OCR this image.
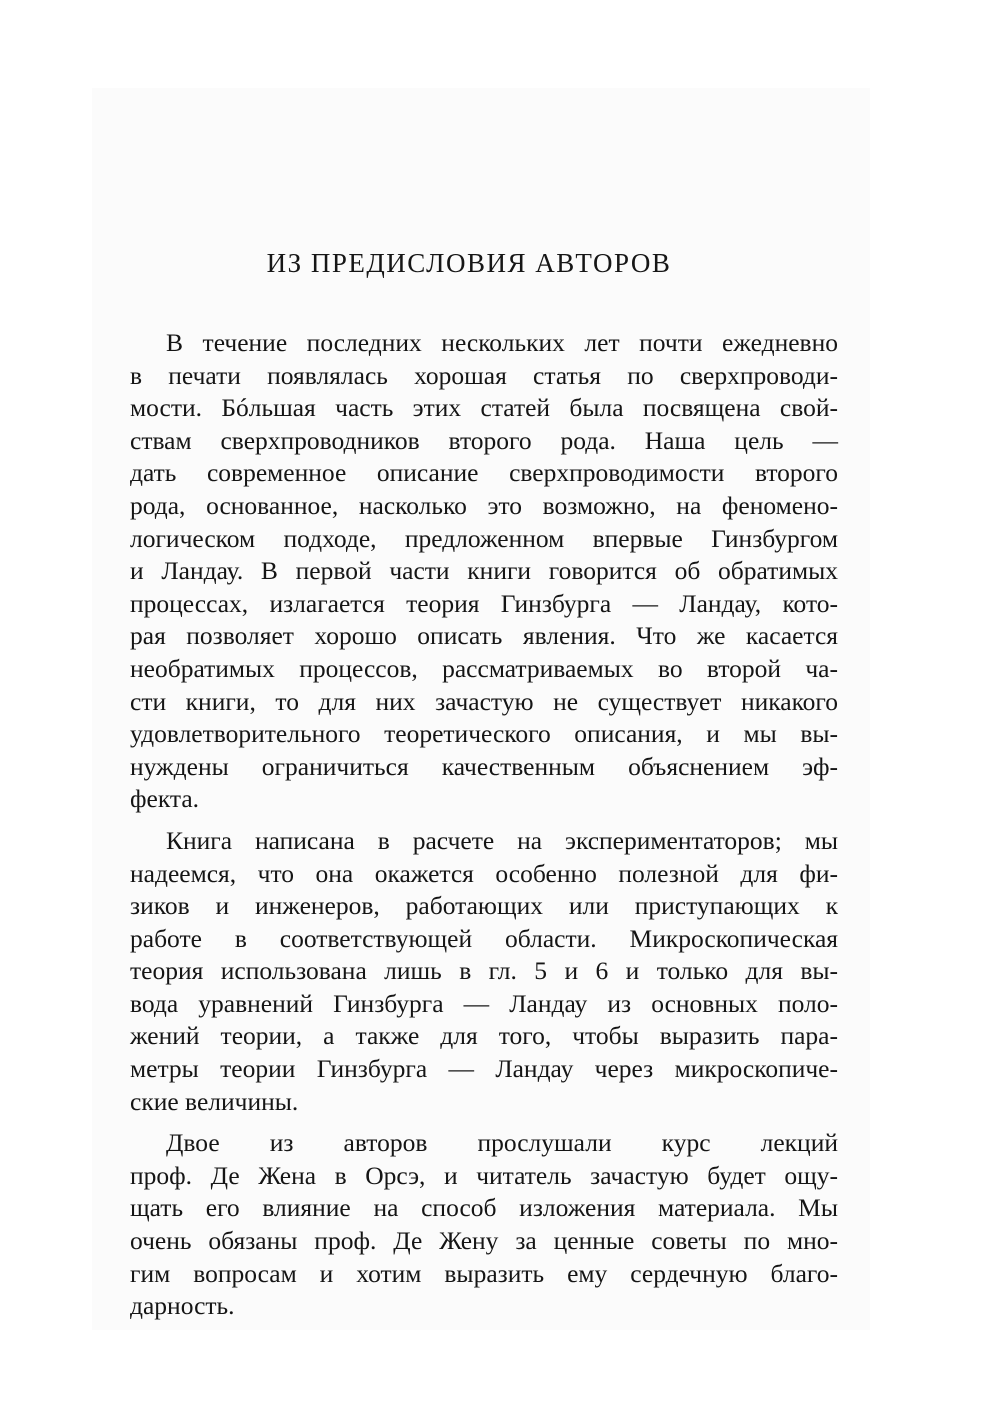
ИЗ ПРЕДИСЛОВИЯ АВТОРОВ
В течение последних нескольких лет почти ежедневно
в печати появлялась хорошая статья по сверхпроводи-
мости. Бóльшая часть этих статей была посвящена свой-
ствам сверхпроводников второго рода. Наша цель —
дать современное описание сверхпроводимости второго
рода, основанное, насколько это возможно, на феномено-
логическом подходе, предложенном впервые Гинзбургом
и Ландау. В первой части книги говорится об обратимых
процессах, излагается теория Гинзбурга — Ландау, кото-
рая позволяет хорошо описать явления. Что же касается
необратимых процессов, рассматриваемых во второй ча-
сти книги, то для них зачастую не существует никакого
удовлетворительного теоретического описания, и мы вы-
нуждены ограничиться качественным объяснением эф-
фекта.
Книга написана в расчете на экспериментаторов; мы
надеемся, что она окажется особенно полезной для фи-
зиков и инженеров, работающих или приступающих к
работе в соответствующей области. Микроскопическая
теория использована лишь в гл. 5 и 6 и только для вы-
вода уравнений Гинзбурга — Ландау из основных поло-
жений теории, а также для того, чтобы выразить пара-
метры теории Гинзбурга — Ландау через микроскопиче-
ские величины.
Двое из авторов прослушали курс лекций
проф. Де Жена в Орсэ, и читатель зачастую будет ощу-
щать его влияние на способ изложения материала. Мы
очень обязаны проф. Де Жену за ценные советы по мно-
гим вопросам и хотим выразить ему сердечную благо-
дарность.
